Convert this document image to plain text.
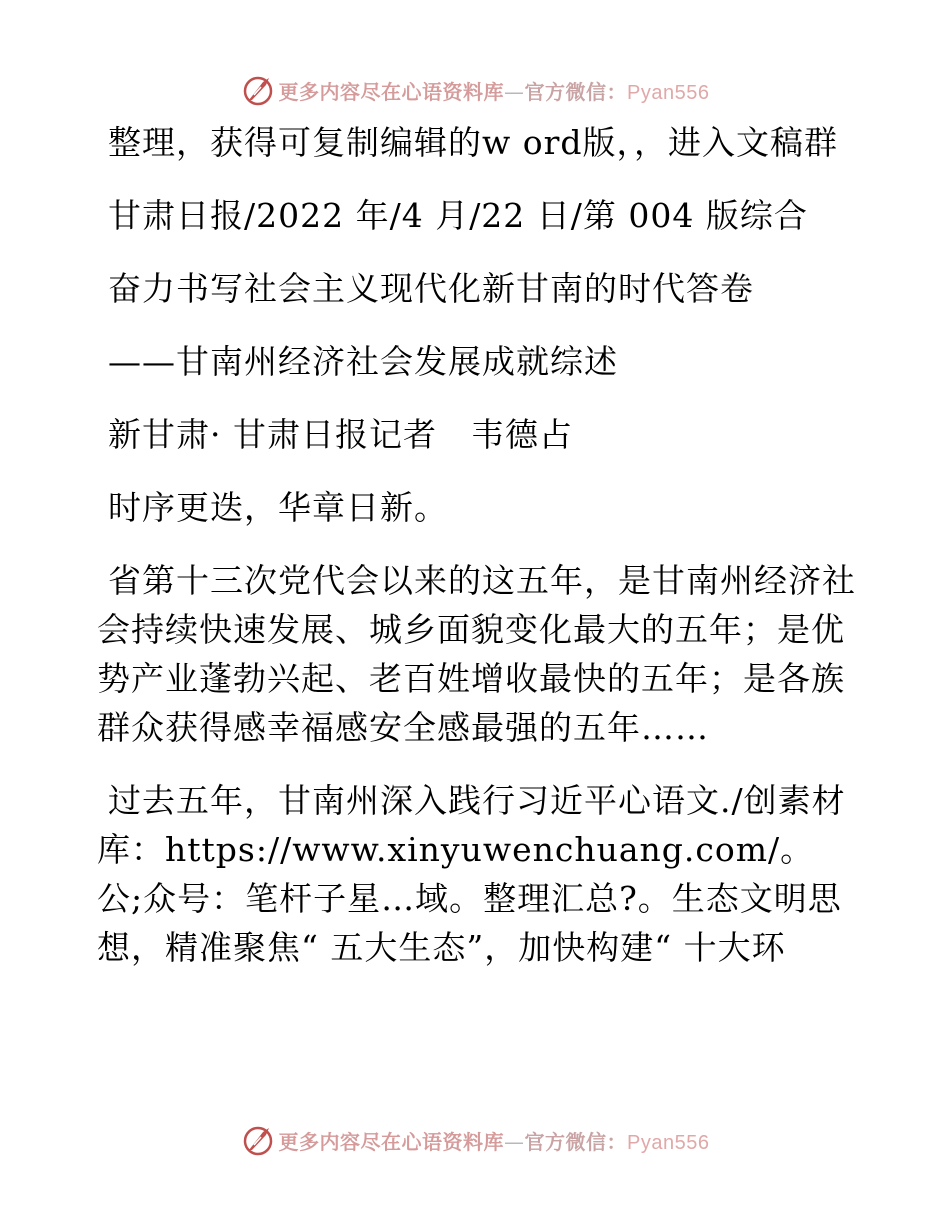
更多内容尽在心语资料库—官方微信：Pyan556

整理，获得可复制编辑的w ord版，，进入文稿群

甘肃日报/2022 年/4 月/22 日/第 004 版综合

奋力书写社会主义现代化新甘南的时代答卷

——甘南州经济社会发展成就综述

新甘肃· 甘肃日报记者　韦德占

时序更迭，华章日新。

省第十三次党代会以来的这五年，是甘南州经济社会持续快速发展、城乡面貌变化最大的五年；是优势产业蓬勃兴起、老百姓增收最快的五年；是各族群众获得感幸福感安全感最强的五年……

过去五年，甘南州深入践行习近平心语文./创素材库：https://www.xinyuwenchuang.com/。公;众号：笔杆子星…域。整理汇总?。生态文明思想，精准聚焦“ 五大生态”，加快构建“ 十大环

更多内容尽在心语资料库—官方微信：Pyan556
